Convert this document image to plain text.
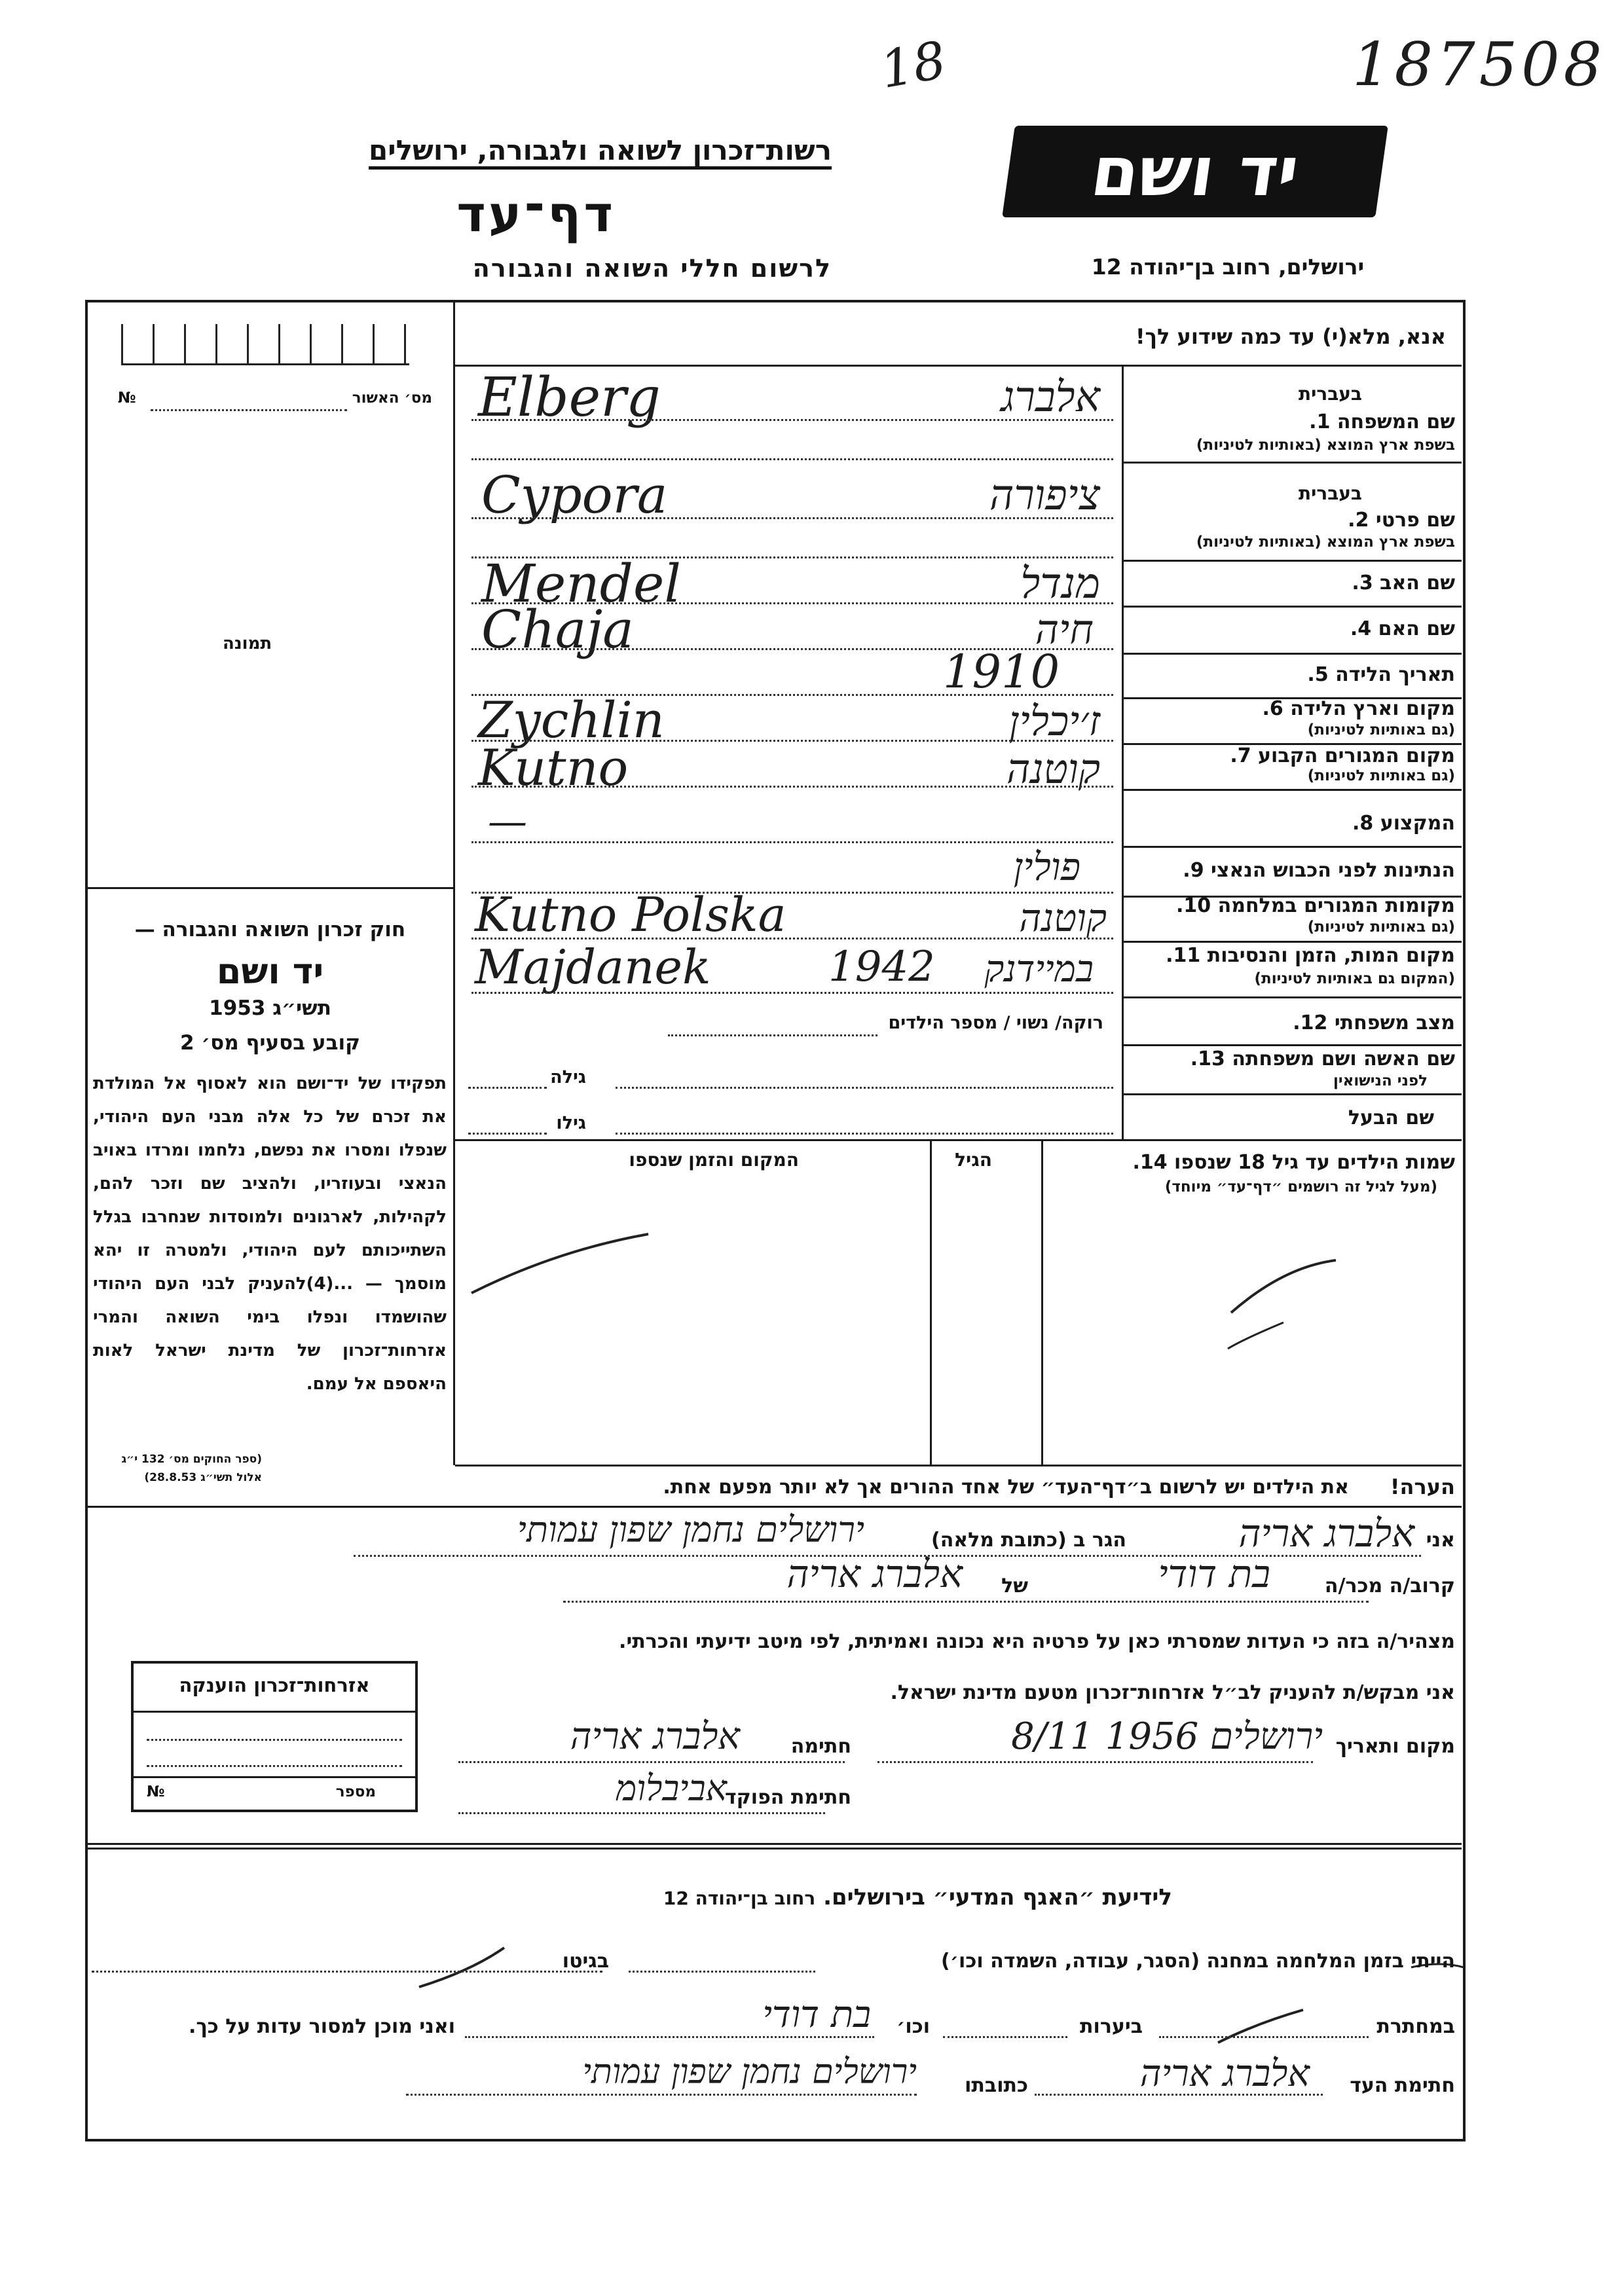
18	187508
רשות־זכרון לשואה ולגבורה, ירושלים
דף־עד
לרשום חללי השואה והגבורה
יד ושם
ירושלים, רחוב בן־יהודה 12
אנא, מלא(י) עד כמה שידוע לך!
№	מס׳ האשור
תמונה
חוק זכרון השואה והגבורה —
יד ושם
תשי״ג 1953
קובע בסעיף מס׳ 2
תפקידו של יד־ושם הוא לאסוף אל המולדת את זכרם של כל אלה מבני העם היהודי, שנפלו ומסרו את נפשם, נלחמו ומרדו באויב הנאצי ובעוזריו, ולהציב שם וזכר להם, לקהילות, לארגונים ולמוסדות שנחרבו בגלל השתייכותם לעם היהודי, ולמטרה זו יהא מוסמך — ...(4)להעניק לבני העם היהודי שהושמדו ונפלו בימי השואה והמרי אזרחות־זכרון של מדינת ישראל לאות היאספם אל עמם.
(ספר החוקים מס׳ 132 י״ג אלול תשי״ג 28.8.53)
בעברית
שם המשפחה 1.
בשפת ארץ המוצא (באותיות לטיניות)
Elberg	אלברג
בעברית
שם פרטי 2.
בשפת ארץ המוצא (באותיות לטיניות)
Cypora	ציפורה
שם האב 3.
Mendel	מנדל
שם האם 4.
Chaja	חיה
תאריך הלידה 5.
1910
מקום וארץ הלידה 6.
(גם באותיות לטיניות)
Zychlin	ז׳יכלין
מקום המגורים הקבוע 7.
(גם באותיות לטיניות)
Kutno	קוטנה
המקצוע 8.
—
הנתינות לפני הכבוש הנאצי 9.
פולין
מקומות המגורים במלחמה 10.
(גם באותיות לטיניות)
Kutno Polska	קוטנה
מקום המות, הזמן והנסיבות 11.
(המקום גם באותיות לטיניות)
Majdanek	1942 במיידנק
מצב משפחתי 12.
רוקה/ נשוי / מספר הילדים
שם האשה ושם משפחתה 13.
לפני הנישואין
גילה
שם הבעל
גילו
שמות הילדים עד גיל 18 שנספו 14.
(מעל לגיל זה רושמים ״דף־עד״ מיוחד)
הגיל
המקום והזמן שנספו
הערה!
את הילדים יש לרשום ב״דף־העד״ של אחד ההורים אך לא יותר מפעם אחת.
אני
אלברג אריה
הגר ב (כתובת מלאה)
ירושלים נחמן שפון עמותי
קרוב/ה מכר/ה
בת דודי
של
אלברג אריה
מצהיר/ה בזה כי העדות שמסרתי כאן על פרטיה היא נכונה ואמיתית, לפי מיטב ידיעתי והכרתי.
אני מבקש/ת להעניק לב״ל אזרחות־זכרון מטעם מדינת ישראל.
מקום ותאריך
ירושלים 1956 8/11
חתימה
אלברג אריה
חתימת הפוקד
אביבלומ
אזרחות־זכרון הוענקה
№	מספר
לידיעת ״האגף המדעי״ בירושלים. רחוב בן־יהודה 12
הייתי בזמן המלחמה במחנה (הסגר, עבודה, השמדה וכו׳)
בגיטו
במחתרת
ביערות
וכו׳
בת דודי
ואני מוכן למסור עדות על כך.
חתימת העד
אלברג אריה
כתובתו
ירושלים נחמן שפון עמותי
